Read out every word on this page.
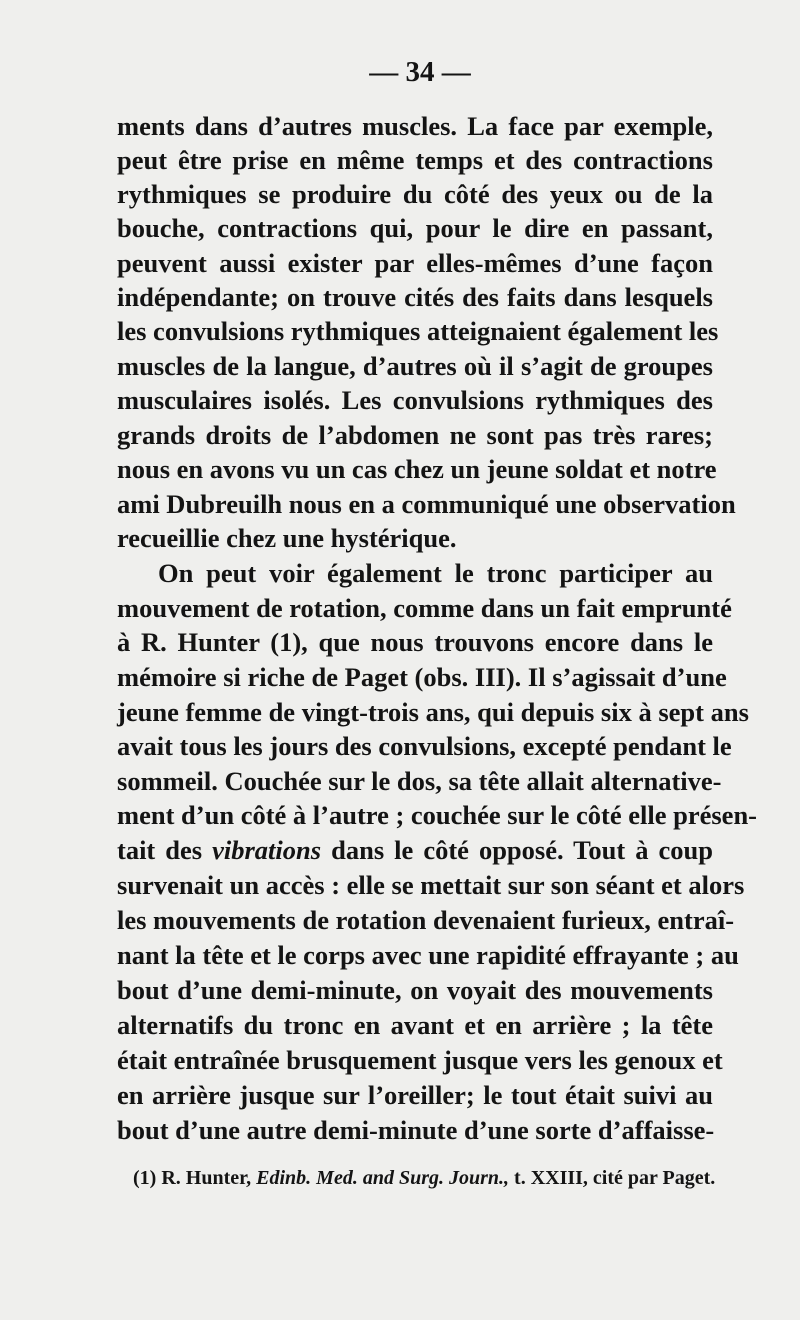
— 34 —
ments dans d’autres muscles. La face par exemple,
peut être prise en même temps et des contractions
rythmiques se produire du côté des yeux ou de la
bouche, contractions qui, pour le dire en passant,
peuvent aussi exister par elles-mêmes d’une façon
indépendante; on trouve cités des faits dans lesquels
les convulsions rythmiques atteignaient également les
muscles de la langue, d’autres où il s’agit de groupes
musculaires isolés. Les convulsions rythmiques des
grands droits de l’abdomen ne sont pas très rares;
nous en avons vu un cas chez un jeune soldat et notre
ami Dubreuilh nous en a communiqué une observation
recueillie chez une hystérique.
On peut voir également le tronc participer au
mouvement de rotation, comme dans un fait emprunté
à R. Hunter (1), que nous trouvons encore dans le
mémoire si riche de Paget (obs. III). Il s’agissait d’une
jeune femme de vingt-trois ans, qui depuis six à sept ans
avait tous les jours des convulsions, excepté pendant le
sommeil. Couchée sur le dos, sa tête allait alternative-
ment d’un côté à l’autre ; couchée sur le côté elle présen-
tait des vibrations dans le côté opposé. Tout à coup
survenait un accès : elle se mettait sur son séant et alors
les mouvements de rotation devenaient furieux, entraî-
nant la tête et le corps avec une rapidité effrayante ; au
bout d’une demi-minute, on voyait des mouvements
alternatifs du tronc en avant et en arrière ; la tête
était entraînée brusquement jusque vers les genoux et
en arrière jusque sur l’oreiller; le tout était suivi au
bout d’une autre demi-minute d’une sorte d’affaisse-
(1) R. Hunter, Edinb. Med. and Surg. Journ., t. XXIII, cité par Paget.
